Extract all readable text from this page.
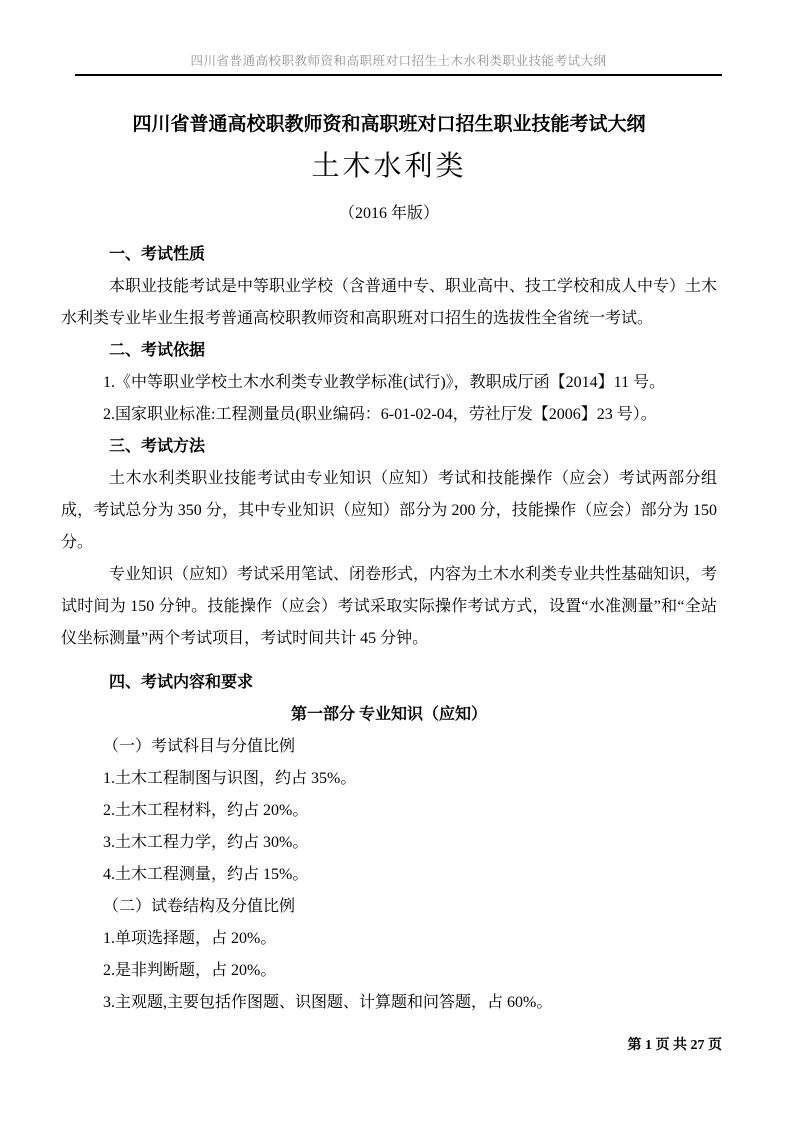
四川省普通高校职教师资和高职班对口招生土木水利类职业技能考试大纲
四川省普通高校职教师资和高职班对口招生职业技能考试大纲
土木水利类
（2016 年版）

一、考试性质

本职业技能考试是中等职业学校（含普通中专、职业高中、技工学校和成人中专）土木水利类专业毕业生报考普通高校职教师资和高职班对口招生的选拔性全省统一考试。

二、考试依据

1.《中等职业学校土木水利类专业教学标准(试行)》，教职成厅函【2014】11 号。

2.国家职业标准:工程测量员(职业编码：6-01-02-04，劳社厅发【2006】23 号）。

三、考试方法

土木水利类职业技能考试由专业知识（应知）考试和技能操作（应会）考试两部分组成，考试总分为 350 分，其中专业知识（应知）部分为 200 分，技能操作（应会）部分为 150 分。

专业知识（应知）考试采用笔试、闭卷形式，内容为土木水利类专业共性基础知识，考试时间为 150 分钟。技能操作（应会）考试采取实际操作考试方式，设置“水准测量”和“全站仪坐标测量”两个考试项目，考试时间共计 45 分钟。

四、考试内容和要求

第一部分 专业知识（应知）

（一）考试科目与分值比例

1.土木工程制图与识图，约占 35%。

2.土木工程材料，约占 20%。

3.土木工程力学，约占 30%。

4.土木工程测量，约占 15%。

（二）试卷结构及分值比例

1.单项选择题，占 20%。

2.是非判断题，占 20%。

3.主观题,主要包括作图题、识图题、计算题和问答题，占 60%。

第 1 页 共 27 页
